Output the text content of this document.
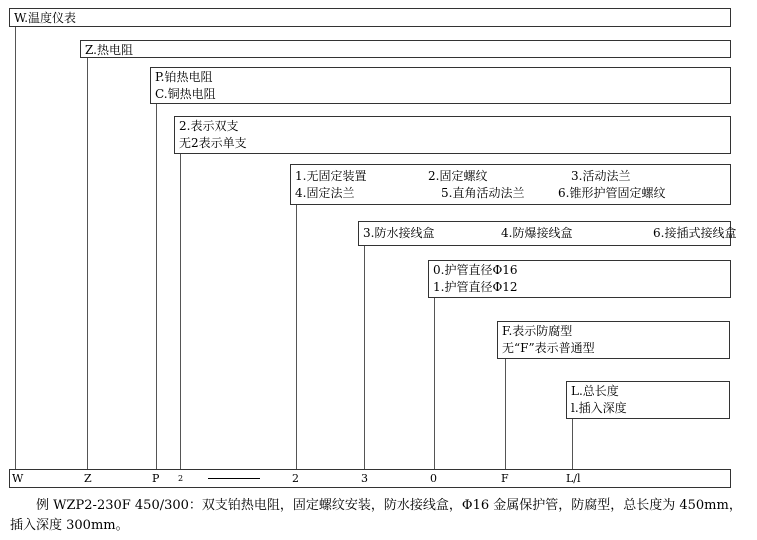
W.温度仪表
Z.热电阻
P.铂热电阻
C.铜热电阻
2.表示双支
无2表示单支
1.无固定装置	2.固定螺纹	3.活动法兰
4.固定法兰	5.直角活动法兰	6.锥形护管固定螺纹
3.防水接线盒	4.防爆接线盒	6.接插式接线盒
0.护管直径Φ16
1.护管直径Φ12
F.表示防腐型
无“F”表示普通型
L.总长度
l.插入深度
W	Z	P 2	2	3	0	F	L/l
例 WZP2-230F 450/300：双支铂热电阻，固定螺纹安装，防水接线盒，Φ16 金属保护管，防腐型，总长度为 450mm，插入深度 300mm。
